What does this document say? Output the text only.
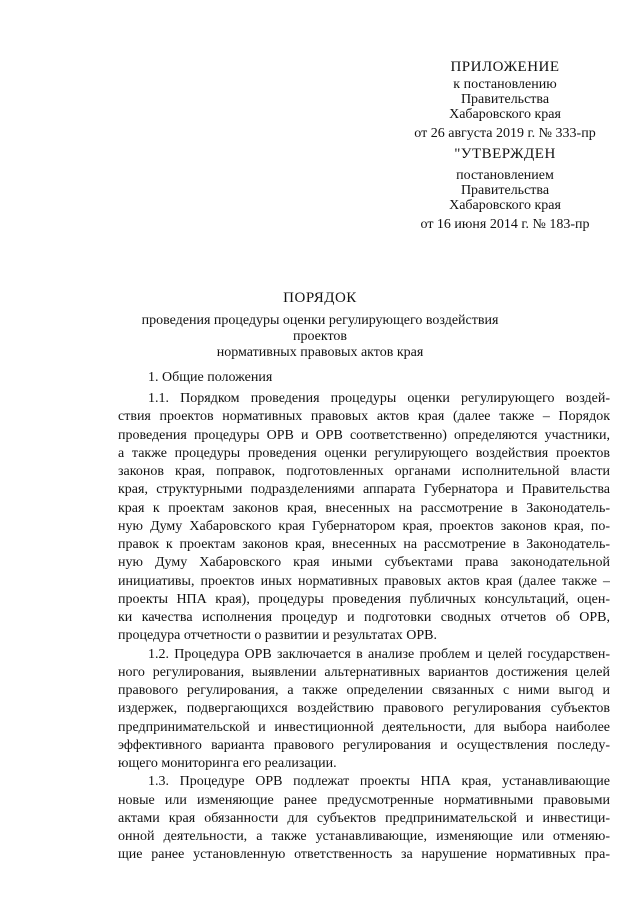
ПРИЛОЖЕНИЕ
к постановлению
Правительства
Хабаровского края
от 26 августа 2019 г. № 333-пр
"УТВЕРЖДЕН
постановлением
Правительства
Хабаровского края
от 16 июня 2014 г. № 183-пр
ПОРЯДОК
проведения процедуры оценки регулирующего воздействия проектов
нормативных правовых актов края
1. Общие положения
1.1. Порядком проведения процедуры оценки регулирующего воздей-
ствия проектов нормативных правовых актов края (далее также – Порядок
проведения процедуры ОРВ и ОРВ соответственно) определяются участники,
а также процедуры проведения оценки регулирующего воздействия проектов
законов края, поправок, подготовленных органами исполнительной власти
края, структурными подразделениями аппарата Губернатора и Правительства
края к проектам законов края, внесенных на рассмотрение в Законодатель-
ную Думу Хабаровского края Губернатором края, проектов законов края, по-
правок к проектам законов края, внесенных на рассмотрение в Законодатель-
ную Думу Хабаровского края иными субъектами права законодательной
инициативы, проектов иных нормативных правовых актов края (далее также –
проекты НПА края), процедуры проведения публичных консультаций, оцен-
ки качества исполнения процедур и подготовки сводных отчетов об ОРВ,
процедура отчетности о развитии и результатах ОРВ.
1.2. Процедура ОРВ заключается в анализе проблем и целей государствен-
ного регулирования, выявлении альтернативных вариантов достижения целей
правового регулирования, а также определении связанных с ними выгод и
издержек, подвергающихся воздействию правового регулирования субъектов
предпринимательской и инвестиционной деятельности, для выбора наиболее
эффективного варианта правового регулирования и осуществления последу-
ющего мониторинга его реализации.
1.3. Процедуре ОРВ подлежат проекты НПА края, устанавливающие
новые или изменяющие ранее предусмотренные нормативными правовыми
актами края обязанности для субъектов предпринимательской и инвестици-
онной деятельности, а также устанавливающие, изменяющие или отменяю-
щие ранее установленную ответственность за нарушение нормативных пра-
